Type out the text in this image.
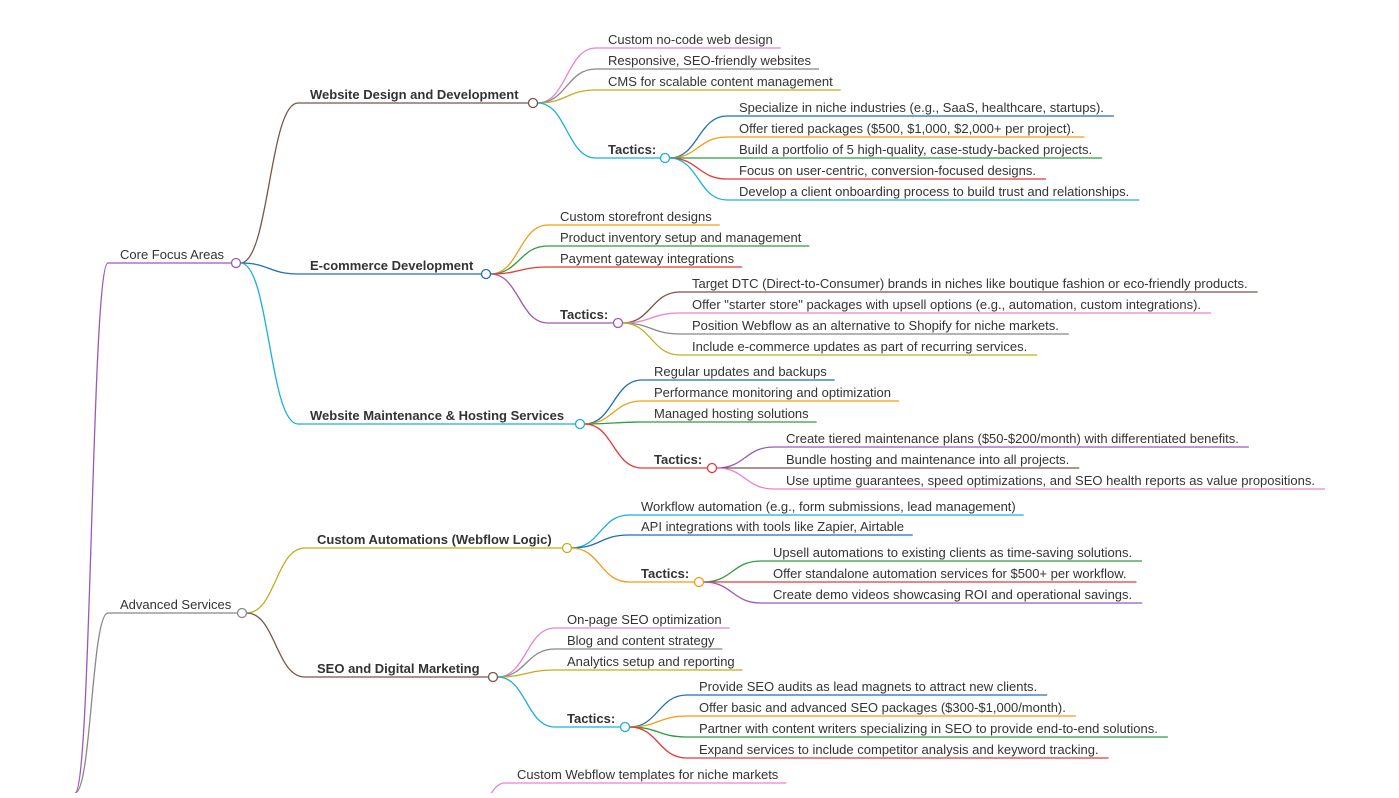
Core Focus Areas
Website Design and Development
Custom no-code web design
Responsive, SEO-friendly websites
CMS for scalable content management
Tactics:
Specialize in niche industries (e.g., SaaS, healthcare, startups).
Offer tiered packages ($500, $1,000, $2,000+ per project).
Build a portfolio of 5 high-quality, case-study-backed projects.
Focus on user-centric, conversion-focused designs.
Develop a client onboarding process to build trust and relationships.
E-commerce Development
Custom storefront designs
Product inventory setup and management
Payment gateway integrations
Tactics:
Target DTC (Direct-to-Consumer) brands in niches like boutique fashion or eco-friendly products.
Offer "starter store" packages with upsell options (e.g., automation, custom integrations).
Position Webflow as an alternative to Shopify for niche markets.
Include e-commerce updates as part of recurring services.
Website Maintenance & Hosting Services
Regular updates and backups
Performance monitoring and optimization
Managed hosting solutions
Tactics:
Create tiered maintenance plans ($50-$200/month) with differentiated benefits.
Bundle hosting and maintenance into all projects.
Use uptime guarantees, speed optimizations, and SEO health reports as value propositions.
Advanced Services
Custom Automations (Webflow Logic)
Workflow automation (e.g., form submissions, lead management)
API integrations with tools like Zapier, Airtable
Tactics:
Upsell automations to existing clients as time-saving solutions.
Offer standalone automation services for $500+ per workflow.
Create demo videos showcasing ROI and operational savings.
SEO and Digital Marketing
On-page SEO optimization
Blog and content strategy
Analytics setup and reporting
Tactics:
Provide SEO audits as lead magnets to attract new clients.
Offer basic and advanced SEO packages ($300-$1,000/month).
Partner with content writers specializing in SEO to provide end-to-end solutions.
Expand services to include competitor analysis and keyword tracking.
Custom Webflow templates for niche markets
